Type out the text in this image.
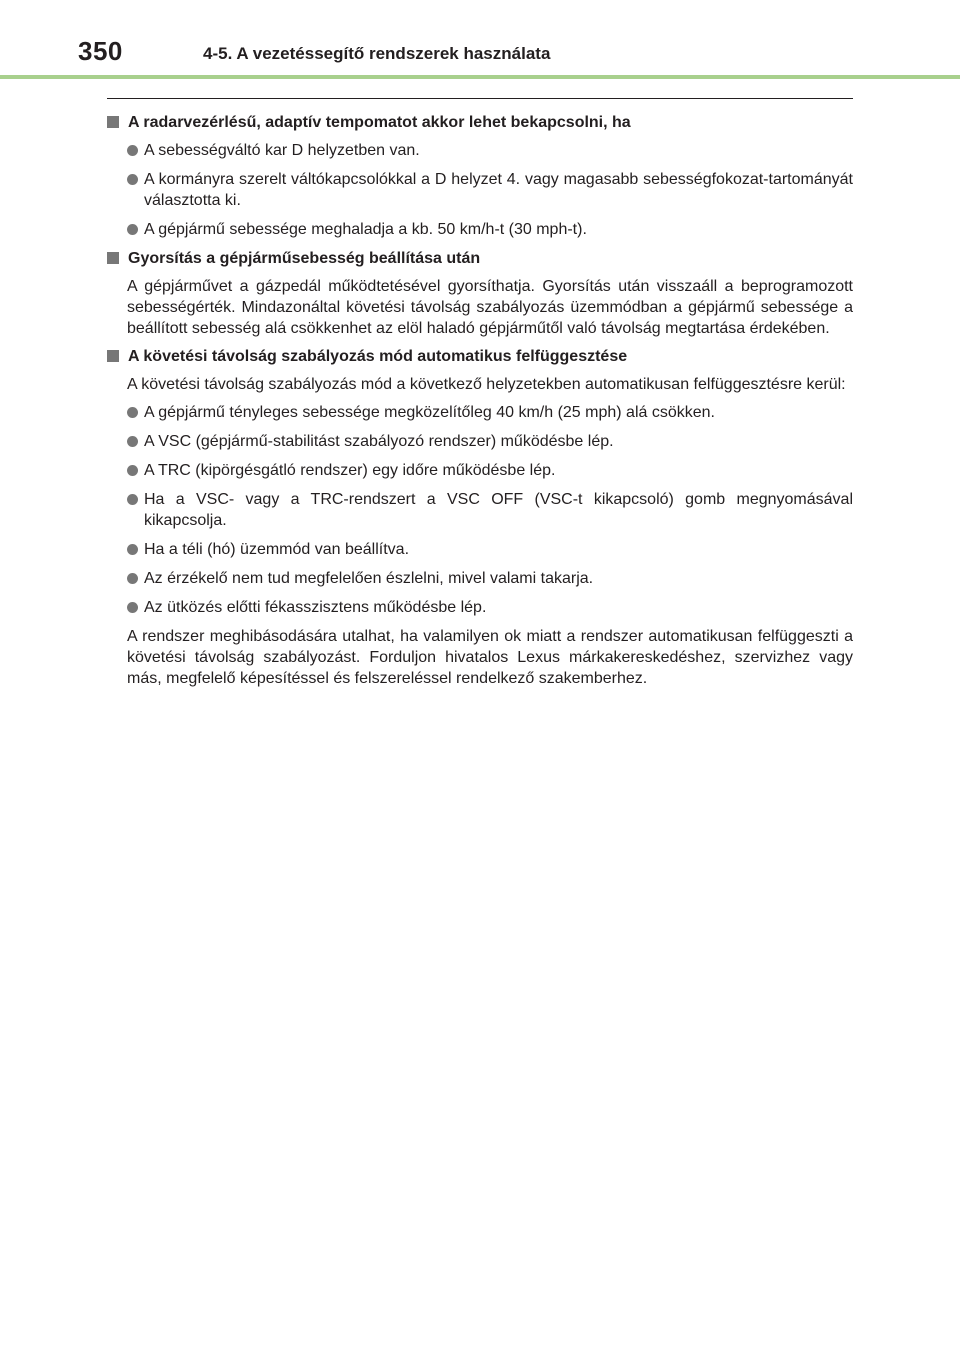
350	4-5. A vezetéssegítő rendszerek használata
A radarvezérlésű, adaptív tempomatot akkor lehet bekapcsolni, ha
A sebességváltó kar D helyzetben van.
A kormányra szerelt váltókapcsolókkal a D helyzet 4. vagy magasabb sebességfokozat-tartományát választotta ki.
A gépjármű sebessége meghaladja a kb. 50 km/h-t (30 mph-t).
Gyorsítás a gépjárműsebesség beállítása után
A gépjárművet a gázpedál működtetésével gyorsíthatja. Gyorsítás után visszaáll a beprogramozott sebességérték. Mindazonáltal követési távolság szabályozás üzemmódban a gépjármű sebessége a beállított sebesség alá csökkenhet az elöl haladó gépjárműtől való távolság megtartása érdekében.
A követési távolság szabályozás mód automatikus felfüggesztése
A követési távolság szabályozás mód a következő helyzetekben automatikusan felfüggesztésre kerül:
A gépjármű tényleges sebessége megközelítőleg 40 km/h (25 mph) alá csökken.
A VSC (gépjármű-stabilitást szabályozó rendszer) működésbe lép.
A TRC (kipörgésgátló rendszer) egy időre működésbe lép.
Ha a VSC- vagy a TRC-rendszert a VSC OFF (VSC-t kikapcsoló) gomb megnyomásával kikapcsolja.
Ha a téli (hó) üzemmód van beállítva.
Az érzékelő nem tud megfelelően észlelni, mivel valami takarja.
Az ütközés előtti fékasszisztens működésbe lép.
A rendszer meghibásodására utalhat, ha valamilyen ok miatt a rendszer automatikusan felfüggeszti a követési távolság szabályozást. Forduljon hivatalos Lexus márkakereskedéshez, szervizhez vagy más, megfelelő képesítéssel és felszereléssel rendelkező szakemberhez.
